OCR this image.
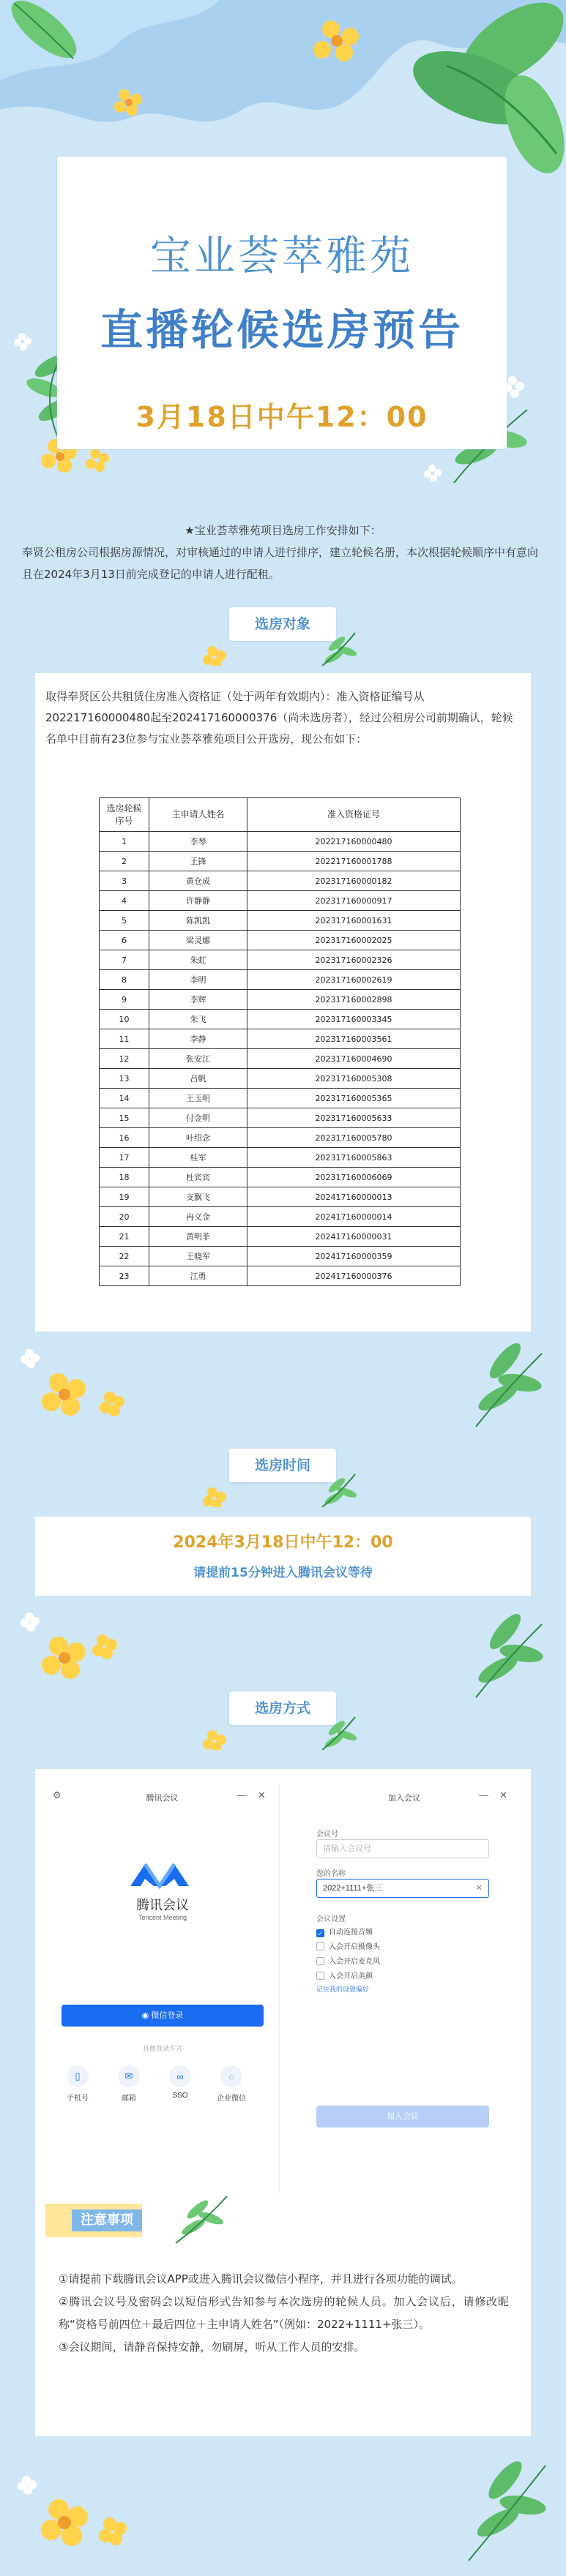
宝业荟萃雅苑
直播轮候选房预告
3月18日中午12：00
★宝业荟萃雅苑项目选房工作安排如下：
奉贤公租房公司根据房源情况，对审核通过的申请人进行排序，建立轮候名册，本次根据轮候顺序中有意向且在2024年3月13日前完成登记的申请人进行配租。
选房对象
取得奉贤区公共租赁住房准入资格证（处于两年有效期内）：准入资格证编号从202217160000480起至202417160000376（尚未选房者），经过公租房公司前期确认，轮候名单中目前有23位参与宝业荟萃雅苑项目公开选房，现公布如下：
选房轮候序号	主申请人姓名	准入资格证号
1	李琴	202217160000480
2	王锋	202217160001788
3	黄仓成	202317160000182
4	许静静	202317160000917
5	陈凯凯	202317160001631
6	梁灵娜	202317160002025
7	朱虹	202317160002326
8	李明	202317160002619
9	李辉	202317160002898
10	朱飞	202317160003345
11	李静	202317160003561
12	张安江	202317160004690
13	吕帆	202317160005308
14	王玉明	202317160005365
15	付金明	202317160005633
16	叶绍念	202317160005780
17	桂军	202317160005863
18	杜宾宾	202317160006069
19	支飘飞	202417160000013
20	冉义金	202417160000014
21	黄明菲	202417160000031
22	王晓军	202417160000359
23	江勇	202417160000376
选房时间
2024年3月18日中午12：00
请提前15分钟进入腾讯会议等待
选房方式
⚙	腾讯会议	— ✕
腾讯会议
Tencent Meeting
◉ 微信登录
其他登录方式
▯
手机号
✉
邮箱
∞
SSO
◌
企业微信
加入会议	— ✕
会议号
请输入会议号
您的名称
2022+1111+张三	✕
会议设置
✓ 自动连接音频
入会开启摄像头
入会开启麦克风
入会开启美颜
记住我的设置偏好
加入会议
注意事项
①请提前下载腾讯会议APP或进入腾讯会议微信小程序，并且进行各项功能的调试。
②腾讯会议号及密码会以短信形式告知参与本次选房的轮候人员。加入会议后，请修改昵称“资格号前四位＋最后四位＋主申请人姓名”（例如：2022+1111+张三）。
③会议期间，请静音保持安静，勿刷屏，听从工作人员的安排。
